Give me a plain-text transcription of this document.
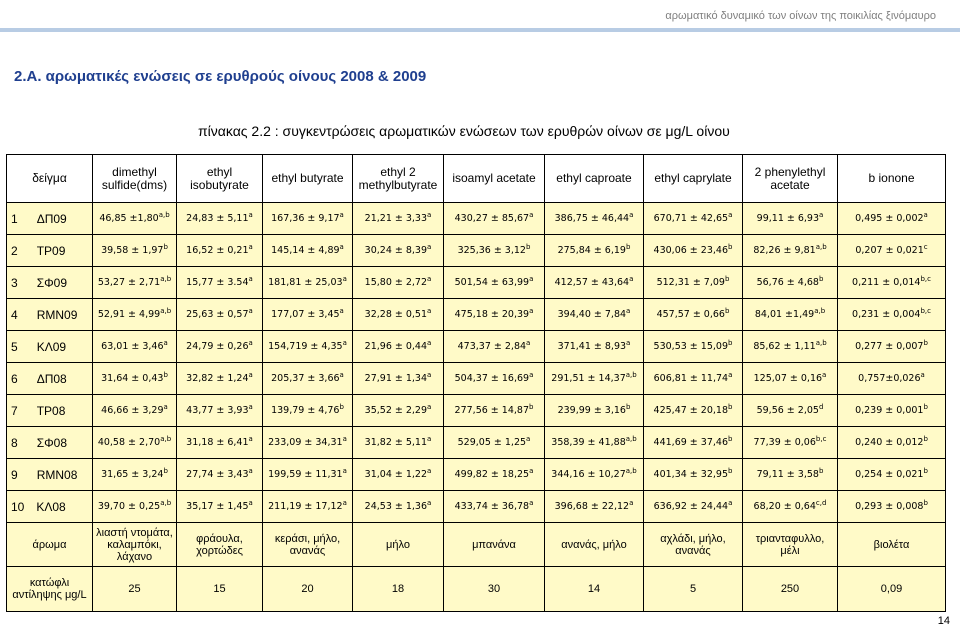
αρωματικό δυναμικό των οίνων της ποικιλίας ξινόμαυρο
2.A. αρωματικές ενώσεις σε ερυθρούς οίνους 2008 & 2009
πίνακας 2.2 : συγκεντρώσεις αρωματικών ενώσεων των ερυθρών οίνων σε μg/L οίνου
δείγμα	dimethyl sulfide(dms)	ethyl isobutyrate	ethyl butyrate	ethyl 2 methylbutyrate	isoamyl acetate	ethyl caproate	ethyl caprylate	2 phenylethyl acetate	b ionone
1 ΔΠ09	$46,85 \pm 1,80^{a,b}$	24,83 ± 5,11$^a$	167,36 ± 9,17$^a$	21,21 ± 3,33$^a$	430,27 ± 85,67$^a$	386,75 ± 46,44$^a$	670,71 ± 42,65$^a$	99,11 ± 6,93$^a$	0,495 ± 0,002$^a$
2 ΤΡ09	39,58 ± 1,97$^b$	16,52 ± 0,21$^a$	145,14 ± 4,89$^a$	30,24 ± 8,39$^a$	325,36 ± 3,12$^b$	275,84 ± 6,19$^b$	430,06 ± 23,46$^b$	$82,26 \pm 9,81^{a,b}$	0,207 ± 0,021$^c$
3 ΣΦ09	$53,27 \pm 2,71^{a,b}$	15,77 ± 3.54$^a$	181,81 ± 25,03$^a$	15,80 ± 2,72$^a$	501,54 ± 63,99$^a$	412,57 ± 43,64$^a$	512,31 ± 7,09$^b$	56,76 ± 4,68$^b$	$0,211 \pm 0,014^{b,c}$
4 RMN09	$52,91 \pm 4,99^{a,b}$	25,63 ± 0,57$^a$	177,07 ± 3,45$^a$	32,28 ± 0,51$^a$	475,18 ± 20,39$^a$	394,40 ± 7,84$^a$	457,57 ± 0,66$^b$	$84,01 \pm 1,49^{a,b}$	$0,231 \pm 0,004^{b,c}$
5 ΚΛ09	63,01 ± 3,46$^a$	24,79 ± 0,26$^a$	154,719 ± 4,35$^a$	21,96 ± 0,44$^a$	473,37 ± 2,84$^a$	371,41 ± 8,93$^a$	530,53 ± 15,09$^b$	$85,62 \pm 1,11^{a,b}$	0,277 ± 0,007$^b$
6 ΔΠ08	31,64 ± 0,43$^b$	32,82 ± 1,24$^a$	205,37 ± 3,66$^a$	27,91 ± 1,34$^a$	504,37 ± 16,69$^a$	$291,51 \pm 14,37^{a,b}$	606,81 ± 11,74$^a$	125,07 ± 0,16$^a$	0,757±0,026$^a$
7 ΤΡ08	46,66 ± 3,29$^a$	43,77 ± 3,93$^a$	139,79 ± 4,76$^b$	35,52 ± 2,29$^a$	277,56 ± 14,87$^b$	239,99 ± 3,16$^b$	425,47 ± 20,18$^b$	59,56 ± 2,05$^d$	0,239 ± 0,001$^b$
8 ΣΦ08	$40,58 \pm 2,70^{a,b}$	31,18 ± 6,41$^a$	233,09 ± 34,31$^a$	31,82 ± 5,11$^a$	529,05 ± 1,25$^a$	$358,39 \pm 41,88^{a,b}$	441,69 ± 37,46$^b$	$77,39 \pm 0,06^{b,c}$	0,240 ± 0,012$^b$
9 RMN08	31,65 ± 3,24$^b$	27,74 ± 3,43$^a$	199,59 ± 11,31$^a$	31,04 ± 1,22$^a$	499,82 ± 18,25$^a$	$344,16 \pm 10,27^{a,b}$	401,34 ± 32,95$^b$	79,11 ± 3,58$^b$	0,254 ± 0,021$^b$
10 ΚΛ08	$39,70 \pm 0,25^{a,b}$	35,17 ± 1,45$^a$	211,19 ± 17,12$^a$	24,53 ± 1,36$^a$	433,74 ± 36,78$^a$	396,68 ± 22,12$^a$	636,92 ± 24,44$^a$	$68,20 \pm 0,64^{c,d}$	0,293 ± 0,008$^b$
άρωμα	λιαστή ντομάτα, καλαμπόκι, λάχανο	φράουλα, χορτώδες	κεράσι, μήλο, ανανάς	μήλο	μπανάνα	ανανάς, μήλο	αχλάδι, μήλο, ανανάς	τριανταφυλλο, μέλι	βιολέτα
κατώφλι αντίληψης μg/L	25	15	20	18	30	14	5	250	0,09
14
